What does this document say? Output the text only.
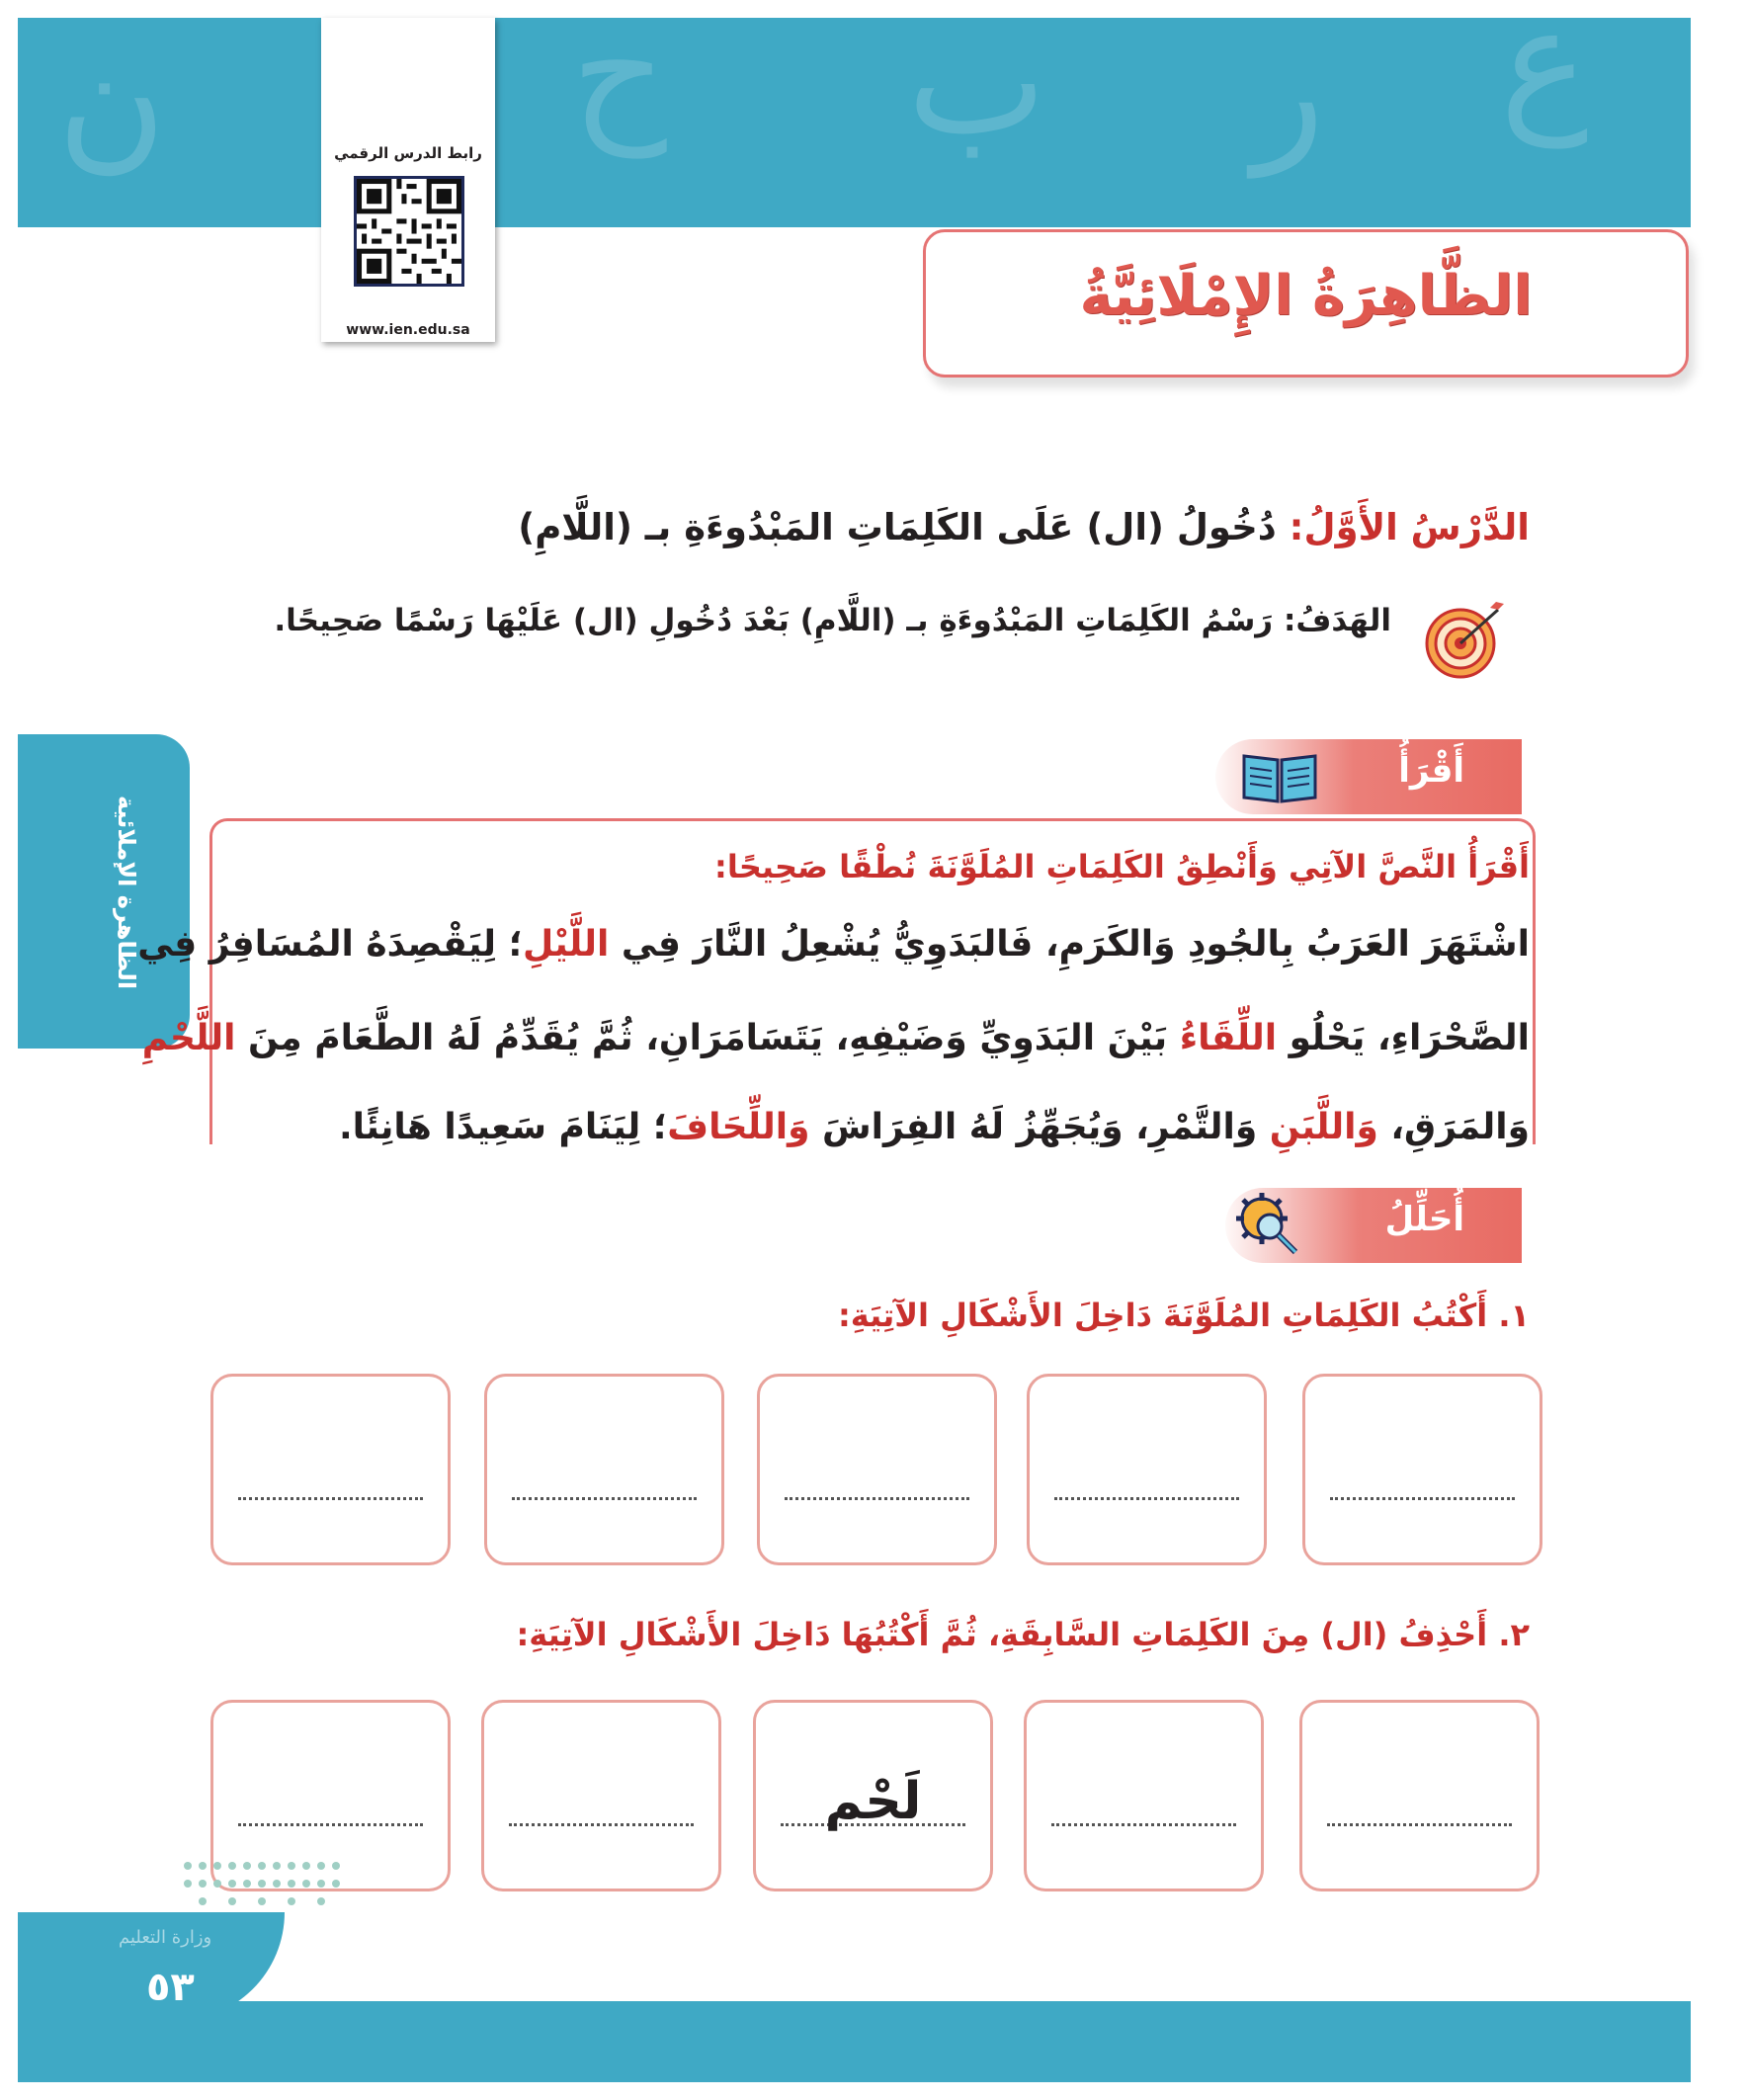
ن	ح ب ر ع
رابط الدرس الرقمي
www.ien.edu.sa
الظَّاهِرَةُ الإِمْلَائِيَّةُ
الدَّرْسُ الأَوَّلُ: دُخُولُ (ال) عَلَى الكَلِمَاتِ المَبْدُوءَةِ بـ (اللَّامِ)
الهَدَفُ: رَسْمُ الكَلِمَاتِ المَبْدُوءَةِ بـ (اللَّامِ) بَعْدَ دُخُولِ (ال) عَلَيْهَا رَسْمًا صَحِيحًا.
الظاهرة الإملائية
أَقْرَأُ
أَقْرَأُ النَّصَّ الآتِي وَأَنْطِقُ الكَلِمَاتِ المُلَوَّنَةَ نُطْقًا صَحِيحًا:
اشْتَهَرَ العَرَبُ بِالجُودِ وَالكَرَمِ، فَالبَدَوِيُّ يُشْعِلُ النَّارَ فِي اللَّيْلِ؛ لِيَقْصِدَهُ المُسَافِرُ فِي
الصَّحْرَاءِ، يَحْلُو اللِّقَاءُ بَيْنَ البَدَوِيِّ وَضَيْفِهِ، يَتَسَامَرَانِ، ثُمَّ يُقَدِّمُ لَهُ الطَّعَامَ مِنَ اللَّحْمِ
وَالمَرَقِ، وَاللَّبَنِ وَالتَّمْرِ، وَيُجَهِّزُ لَهُ الفِرَاشَ وَاللِّحَافَ؛ لِيَنَامَ سَعِيدًا هَانِئًا.
أُحَلِّلُ
١. أَكْتُبُ الكَلِمَاتِ المُلَوَّنَةَ دَاخِلَ الأَشْكَالِ الآتِيَةِ:
٢. أَحْذِفُ (ال) مِنَ الكَلِمَاتِ السَّابِقَةِ، ثُمَّ أَكْتُبُهَا دَاخِلَ الأَشْكَالِ الآتِيَةِ:
لَحْم
وزارة التعليم
٥٣
